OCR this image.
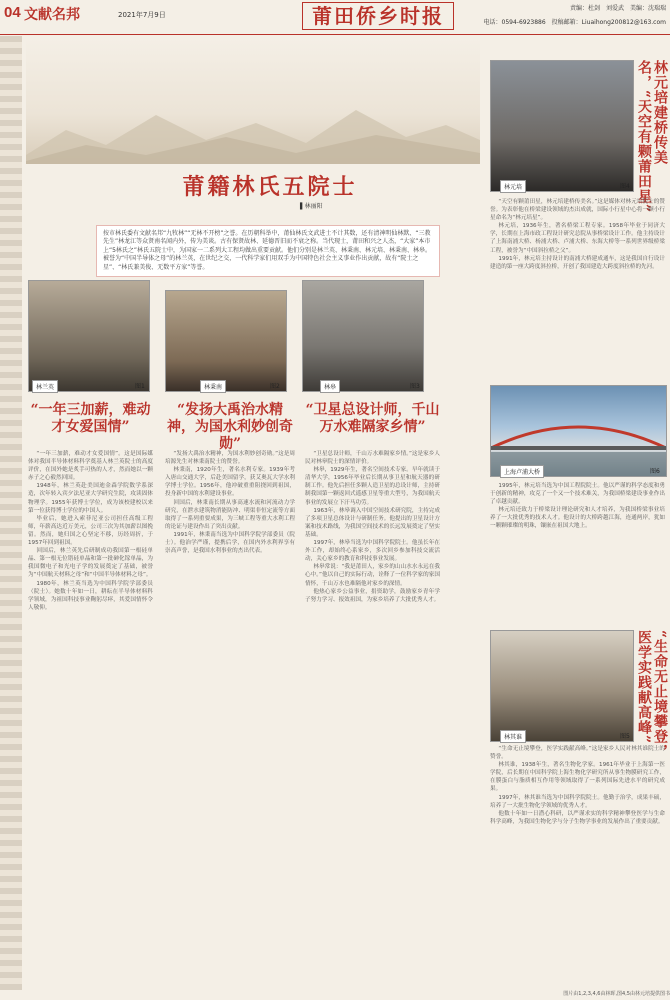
04 文献名邦	2021年7月9日	莆田侨乡时报	责编：杜剑　刘爱武　美编：沈瑞瑞
电话：0594-6923886　投稿邮箱：Liuaihong200812@163.com
莆籍林氏五院士
▌林丽阳
按市林氏委有文献名邦“九牧林”“无林不开榜”之誉。在历朝科举中，莆仙林氏文武进士不计其数，还有清神明仙林默、“三教先生”林龙江等众贤南名闻内外，传为美谈。古有保贤故林、延德晋旧而不衰之称。当代现士，莆田和兴之人杰，“大家”本市上“5林氏之”林氏五院士中，为国家一二系列大工程均做出重要贡献。他们分别是林兰英、林秉南、林元培、林秉南、林皋。被誉为“中国半导体之母”的林兰英，在世纪之交，一代科学家们用双手为中国特色社会主义事业作出贡献，故有“院士之星”、“林氏兼美俊、无数平方家”等誉。
林兰英	图1	林秉南	图2	林皋	图3
“一年三加薪，难动才女爱国情”
“发扬大禹治水精神，为国水利妙创奇勋”
“卫星总设计师，千山万水难隔家乡情”

“一年三加薪，难动才女爱国情”。这是国际媒体对我国半导体材料科学奠基人林兰英院士的高度评价，在国外她是炙手可热的人才，然而她以一颗赤子之心毅然回国。

1948年，林兰英赴美国迪金森学院数学系深造，次年转入宾夕法尼亚大学研究生院，攻读固体物理学。1955年获博士学位，成为该校建校以来第一位获得博士学位的中国人。

毕业后，她进入索菲尼亚公司担任高级工程师，年薪高达近万美元，公司三次为其加薪以图挽留。然而，她归国之心坚定不移，历经周折，于1957年回到祖国。

回国后，林兰英先后研制成功我国第一根硅单晶、第一根无位错硅单晶和第一批砷化镓单晶，为我国微电子和光电子学的发展奠定了基础，被誉为“中国航天材料之母”和“中国半导体材料之母”。

1980年，林兰英当选为中国科学院学部委员（院士）。她数十年如一日，耕耘在半导体材料科学领域，为祖国科技事业鞠躬尽瘁，其爱国情怀令人敬仰。

“发扬大禹治水精神，为国水利妙创奇勋。”这是周培源先生对林秉南院士的赞誉。

林秉南，1920年生，著名水利专家。1939年考入唐山交通大学，后赴美国留学，获艾奥瓦大学水利学博士学位。1956年，他冲破重重阻挠回到祖国，投身新中国的水利建设事业。

回国后，林秉南长期从事高速水流和河流动力学研究，在泄水建筑物消能防冲、明渠非恒定流等方面取得了一系列重要成果，为三峡工程等重大水利工程的论证与建设作出了突出贡献。

1991年，林秉南当选为中国科学院学部委员（院士）。他治学严谨，提携后学，在国内外水利界享有崇高声誉，是我国水利事业的杰出代表。

“卫星总设计师，千山万水难隔家乡情。”这是家乡人民对林皋院士的深情评价。

林皋，1929年生，著名空间技术专家。早年就读于清华大学，1956年毕业后长期从事卫星和航天器的研制工作。他先后担任多颗人造卫星的总设计师，主持研制我国第一颗返回式遥感卫星等重大型号，为我国航天事业的发展立下汗马功劳。

1963年，林皋调入中国空间技术研究院，主持完成了多项卫星总体设计与研制任务。他提出的卫星设计方案和技术路线，为我国空间技术的长远发展奠定了坚实基础。

1997年，林皋当选为中国科学院院士。他虽长年在外工作，却始终心系家乡，多次回乡参加科技交流活动，关心家乡的教育和科技事业发展。

林皋常说：“我是莆田人，家乡的山山水水永远在我心中。”他以自己的实际行动，诠释了一位科学家的家国情怀，千山万水也难隔他对家乡的深情。

他热心家乡公益事业，捐资助学，鼓励家乡青年学子努力学习、报效祖国，为家乡培养了大批优秀人才。

林元培	图4
林元培建桥传美名，“天空有颗莆田星”

“天空有颗莆田星，林元培建桥传美名。”这是媒体对林元培院士的赞誉。为表彰他在桥梁建设领域的杰出成就，国际小行星中心将一颗小行星命名为“林元培星”。

林元培，1936年生，著名桥梁工程专家。1958年毕业于同济大学，长期在上海市政工程设计研究总院从事桥梁设计工作。他主持设计了上海南浦大桥、杨浦大桥、卢浦大桥、东海大桥等一系列世界级桥梁工程，被誉为“中国斜拉桥之父”。

1991年，林元培主持设计的南浦大桥建成通车，这是我国自行设计建造的第一座大跨度斜拉桥，开创了我国建造大跨度斜拉桥的先河。

上海卢浦大桥	图6

1995年，林元培当选为中国工程院院士。他以严谨的科学态度和勇于创新的精神，攻克了一个又一个技术难关，为我国桥梁建设事业作出了卓越贡献。

林元培还致力于桥梁设计理论研究和人才培养，为我国桥梁事业培养了一大批优秀的技术人才。他设计的大桥跨越江海，连通两岸，犹如一颗颗璀璨的明珠，镶嵌在祖国大地上。

林其谁	图5	“生命无止境攀登，医学实践献高峰”

“生命无止境攀登，医学实践献高峰。”这是家乡人民对林其谁院士的赞誉。

林其谁，1938年生，著名生物化学家。1961年毕业于上海第一医学院，后长期在中国科学院上海生物化学研究所从事生物膜研究工作，在膜蛋白与脂质相互作用等领域取得了一系列国际先进水平的研究成果。

1997年，林其谁当选为中国科学院院士。他勤于治学，成果丰硕，培养了一大批生物化学领域的优秀人才。

他数十年如一日潜心科研，以严谨求实的科学精神攀登医学与生命科学高峰，为我国生物化学与分子生物学事业的发展作出了重要贡献。

图片由1,2,3,4,6由林晖,图4,5由林元培提供图书
